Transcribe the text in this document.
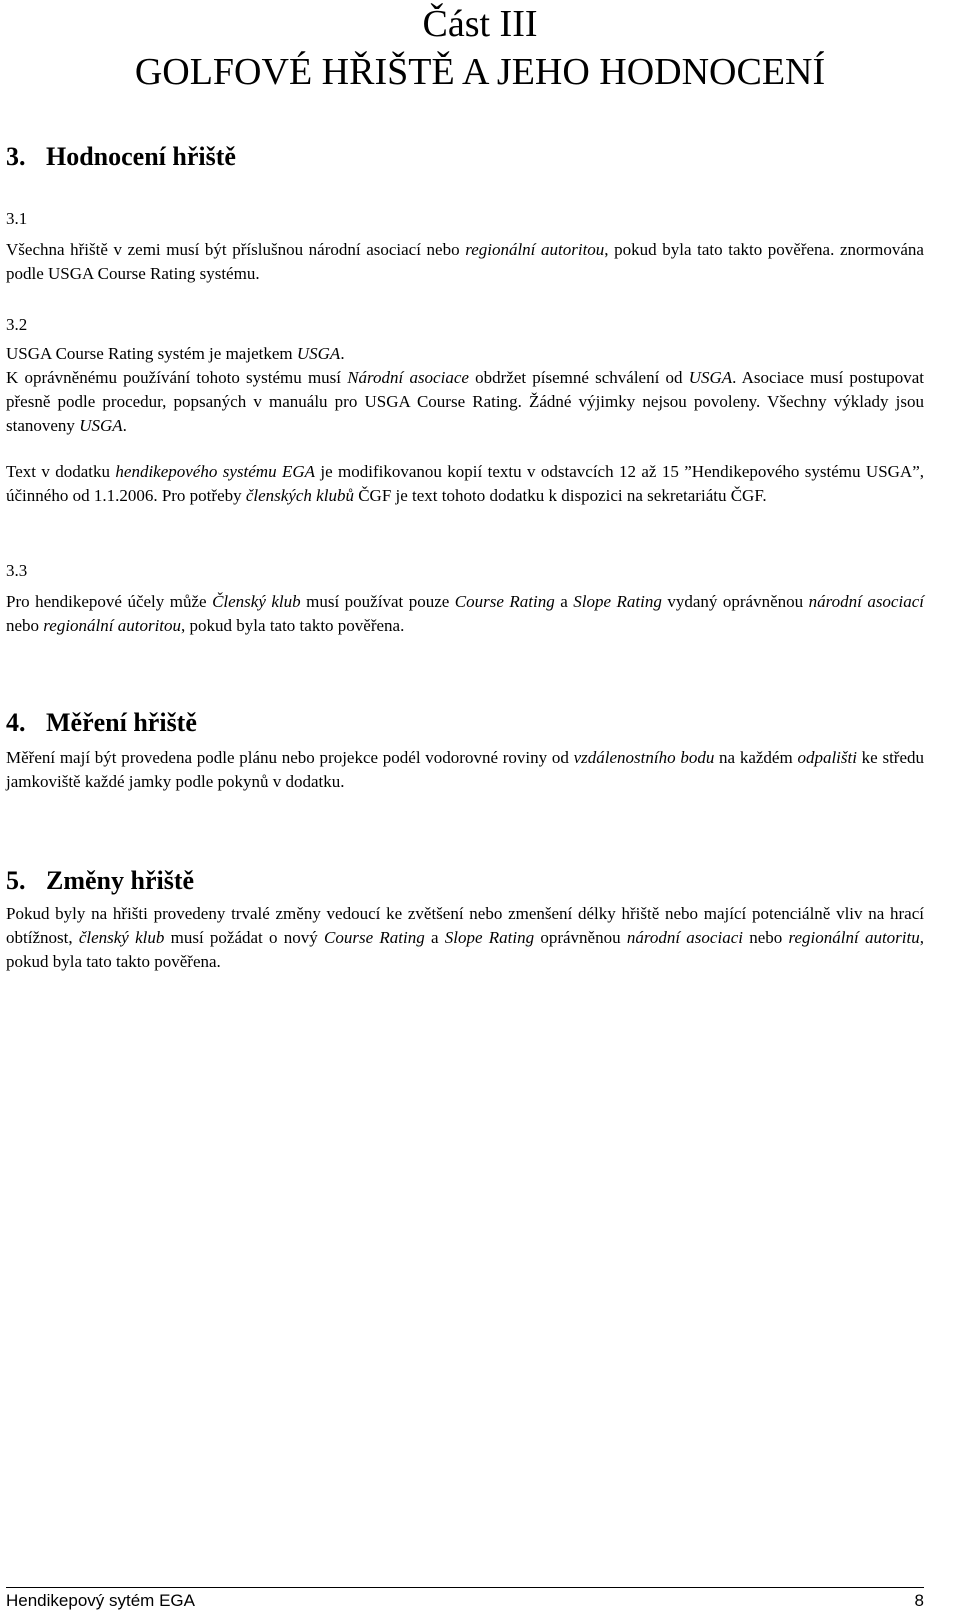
Část III
GOLFOVÉ HŘIŠTĚ A JEHO HODNOCENÍ
3. Hodnocení hřiště
3.1

Všechna hřiště v zemi musí být příslušnou národní asociací nebo regionální autoritou, pokud byla tato takto pověřena. znormována podle USGA Course Rating systému.

3.2

USGA Course Rating systém je majetkem USGA.

K oprávněnému používání tohoto systému musí Národní asociace obdržet písemné schválení od USGA. Asociace musí postupovat přesně podle procedur, popsaných v manuálu pro USGA Course Rating. Žádné výjimky nejsou povoleny. Všechny výklady jsou stanoveny USGA.

Text v dodatku hendikepového systému EGA je modifikovanou kopií textu v odstavcích 12 až 15 ”Hendikepového systému USGA”, účinného od 1.1.2006. Pro potřeby členských klubů ČGF je text tohoto dodatku k dispozici na sekretariátu ČGF.

3.3

Pro hendikepové účely může Členský klub musí používat pouze Course Rating a Slope Rating vydaný oprávněnou národní asociací nebo regionální autoritou, pokud byla tato takto pověřena.

4. Měření hřiště

Měření mají být provedena podle plánu nebo projekce podél vodorovné roviny od vzdálenostního bodu na každém odpališti ke středu jamkoviště každé jamky podle pokynů v dodatku.

5. Změny hřiště

Pokud byly na hřišti provedeny trvalé změny vedoucí ke zvětšení nebo zmenšení délky hřiště nebo mající potenciálně vliv na hrací obtížnost, členský klub musí požádat o nový Course Rating a Slope Rating oprávněnou národní asociaci nebo regionální autoritu, pokud byla tato takto pověřena.

Hendikepový sytém EGA	8
